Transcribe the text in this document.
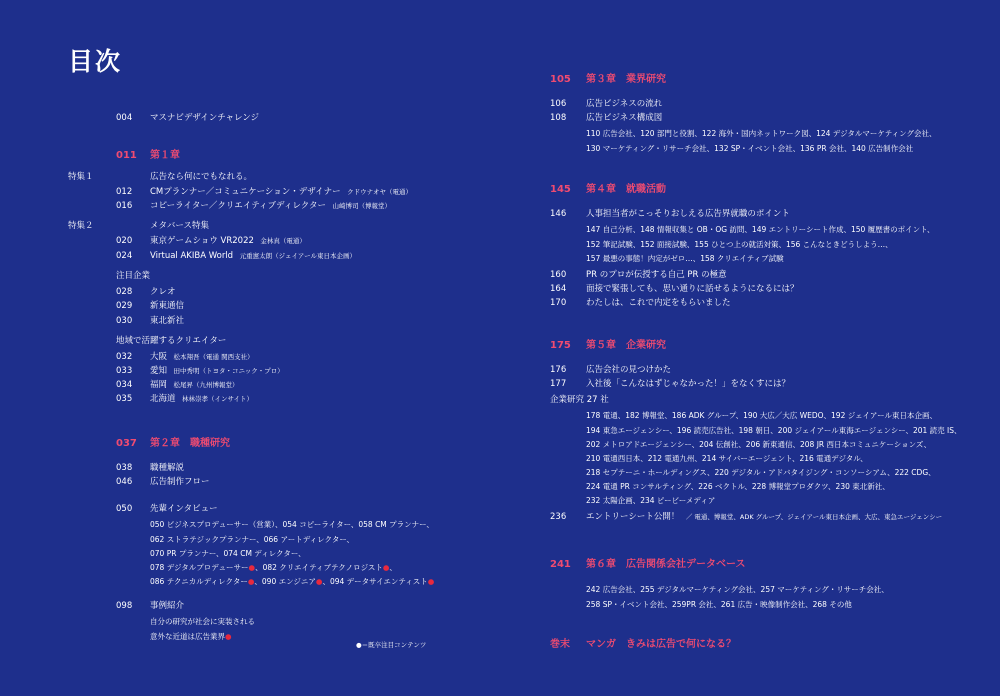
目次
004 マスナビデザインチャレンジ
011 第１章
特集１	広告なら何にでもなれる。
012 CMプランナー／コミュニケーション・デザイナー　クドウナオヤ（電通）
016 コピーライター／クリエイティブディレクター　山崎博司（博報堂）
特集２	メタバース特集
020 東京ゲームショウ VR2022　金林真（電通）
024 Virtual AKIBA World　元重憲太朗（ジェイアール東日本企画）
注目企業
028 クレオ
029 新東通信
030 東北新社
地域で活躍するクリエイター
032 大阪　松本翔吾（電通 関西支社）
033 愛知　田中秀明（トヨタ・コニック・プロ）
034 福岡　松尾昇（九州博報堂）
035 北海道　林林崇孝（インサイト）
037 第２章　職種研究
038 職種解説
046 広告制作フロー
050 先輩インタビュー
050 ビジネスプロデューサー（営業）、054 コピーライター、058 CM プランナー、
062 ストラテジックプランナー、066 アートディレクター、
070 PR プランナー、074 CM ディレクター、
078 デジタルプロデューサー●、082 クリエイティブテクノロジスト●、
086 テクニカルディレクター●、090 エンジニア●、094 データサイエンティスト●
098 事例紹介
自分の研究が社会に実装される
意外な近道は広告業界●
105 第３章　業界研究
106 広告ビジネスの流れ
108 広告ビジネス構成図
110 広告会社、120 部門と役割、122 海外・国内ネットワーク図、124 デジタルマーケティング会社、
130 マーケティング・リサーチ会社、132 SP・イベント会社、136 PR 会社、140 広告制作会社
145 第４章　就職活動
146 人事担当者がこっそりおしえる広告界就職のポイント
147 自己分析、148 情報収集と OB・OG 訪問、149 エントリーシート作成、150 履歴書のポイント、
152 筆記試験、152 面接試験、155 ひとつ上の就活対策、156 こんなときどうしよう…、
157 最悪の事態！内定がゼロ…、158 クリエイティブ試験
160 PR のプロが伝授する自己 PR の極意
164 面接で緊張しても、思い通りに話せるようになるには？
170 わたしは、これで内定をもらいました
175 第５章　企業研究
176 広告会社の見つけかた
177 入社後「こんなはずじゃなかった！」をなくすには？
企業研究 27 社
178 電通、182 博報堂、186 ADK グループ、190 大広／大広 WEDO、192 ジェイアール東日本企画、
194 東急エージェンシー、196 読売広告社、198 朝日、200 ジェイアール東海エージェンシー、201 読売 IS、
202 メトロアドエージェンシー、204 伝創社、206 新東通信、208 JR 西日本コミュニケーションズ、
210 電通西日本、212 電通九州、214 サイバーエージェント、216 電通デジタル、
218 セプテーニ・ホールディングス、220 デジタル・アドバタイジング・コンソーシアム、222 CDG、
224 電通 PR コンサルティング、226 ベクトル、228 博報堂プロダクツ、230 東北新社、
232 太陽企画、234 ピービーメディア
236 エントリーシート公開！　／ 電通、博報堂、ADK グループ、ジェイアール東日本企画、大広、東急エージェンシー
241 第６章　広告関係会社データベース
242 広告会社、255 デジタルマーケティング会社、257 マーケティング・リサーチ会社、
258 SP・イベント会社、259PR 会社、261 広告・映像制作会社、268 その他
巻末 マンガ　きみは広告で何になる？
●＝既卒注目コンテンツ
